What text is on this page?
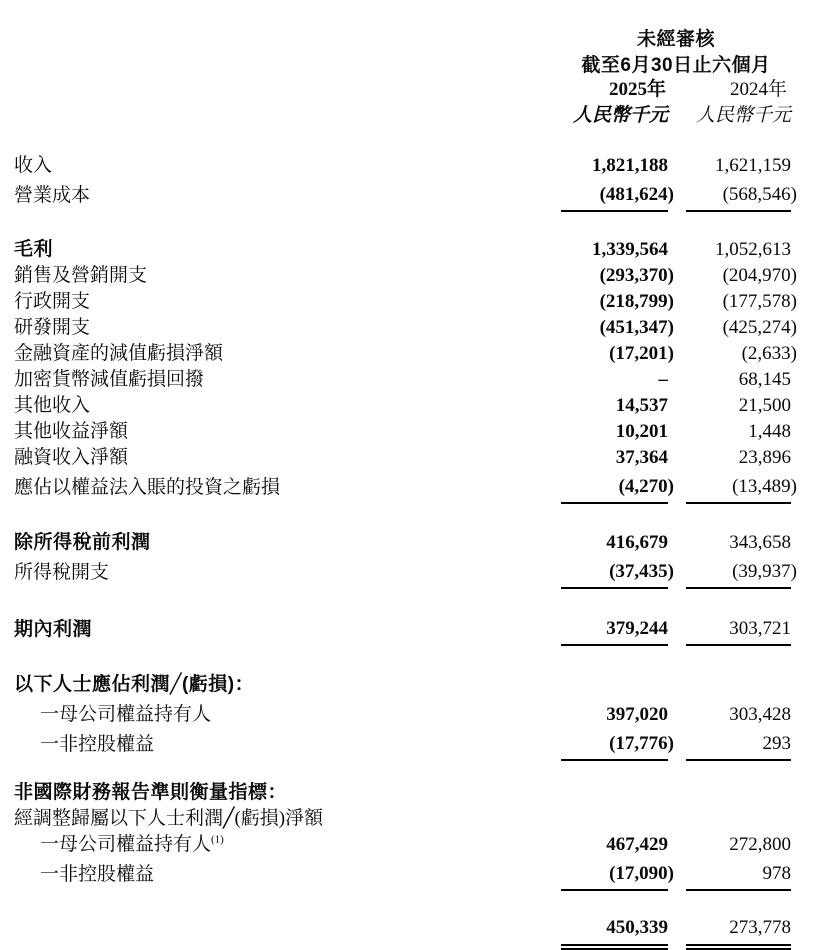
	未經審核		
	截至6月30日止六個月		
	2025年		2024年
	人民幣千元		人民幣千元

收入	1,821,188		1,621,159
營業成本	(481,624)		(568,546)

毛利	1,339,564		1,052,613
銷售及營銷開支	(293,370)		(204,970)
行政開支	(218,799)		(177,578)
研發開支	(451,347)		(425,274)
金融資產的減值虧損淨額	(17,201)		(2,633)
加密貨幣減值虧損回撥	–		68,145
其他收入	14,537		21,500
其他收益淨額	10,201		1,448
融資收入淨額	37,364		23,896
應佔以權益法入賬的投資之虧損	(4,270)		(13,489)

除所得稅前利潤	416,679		343,658
所得稅開支	(37,435)		(39,937)

期內利潤	379,244		303,721

以下人士應佔利潤╱(虧損)：			
一母公司權益持有人	397,020		303,428
一非控股權益	(17,776)		293

非國際財務報告準則衡量指標：			
經調整歸屬以下人士利潤╱(虧損)淨額			
一母公司權益持有人$^{(1)}$	467,429		272,800
一非控股權益	(17,090)		978

	450,339		273,778
